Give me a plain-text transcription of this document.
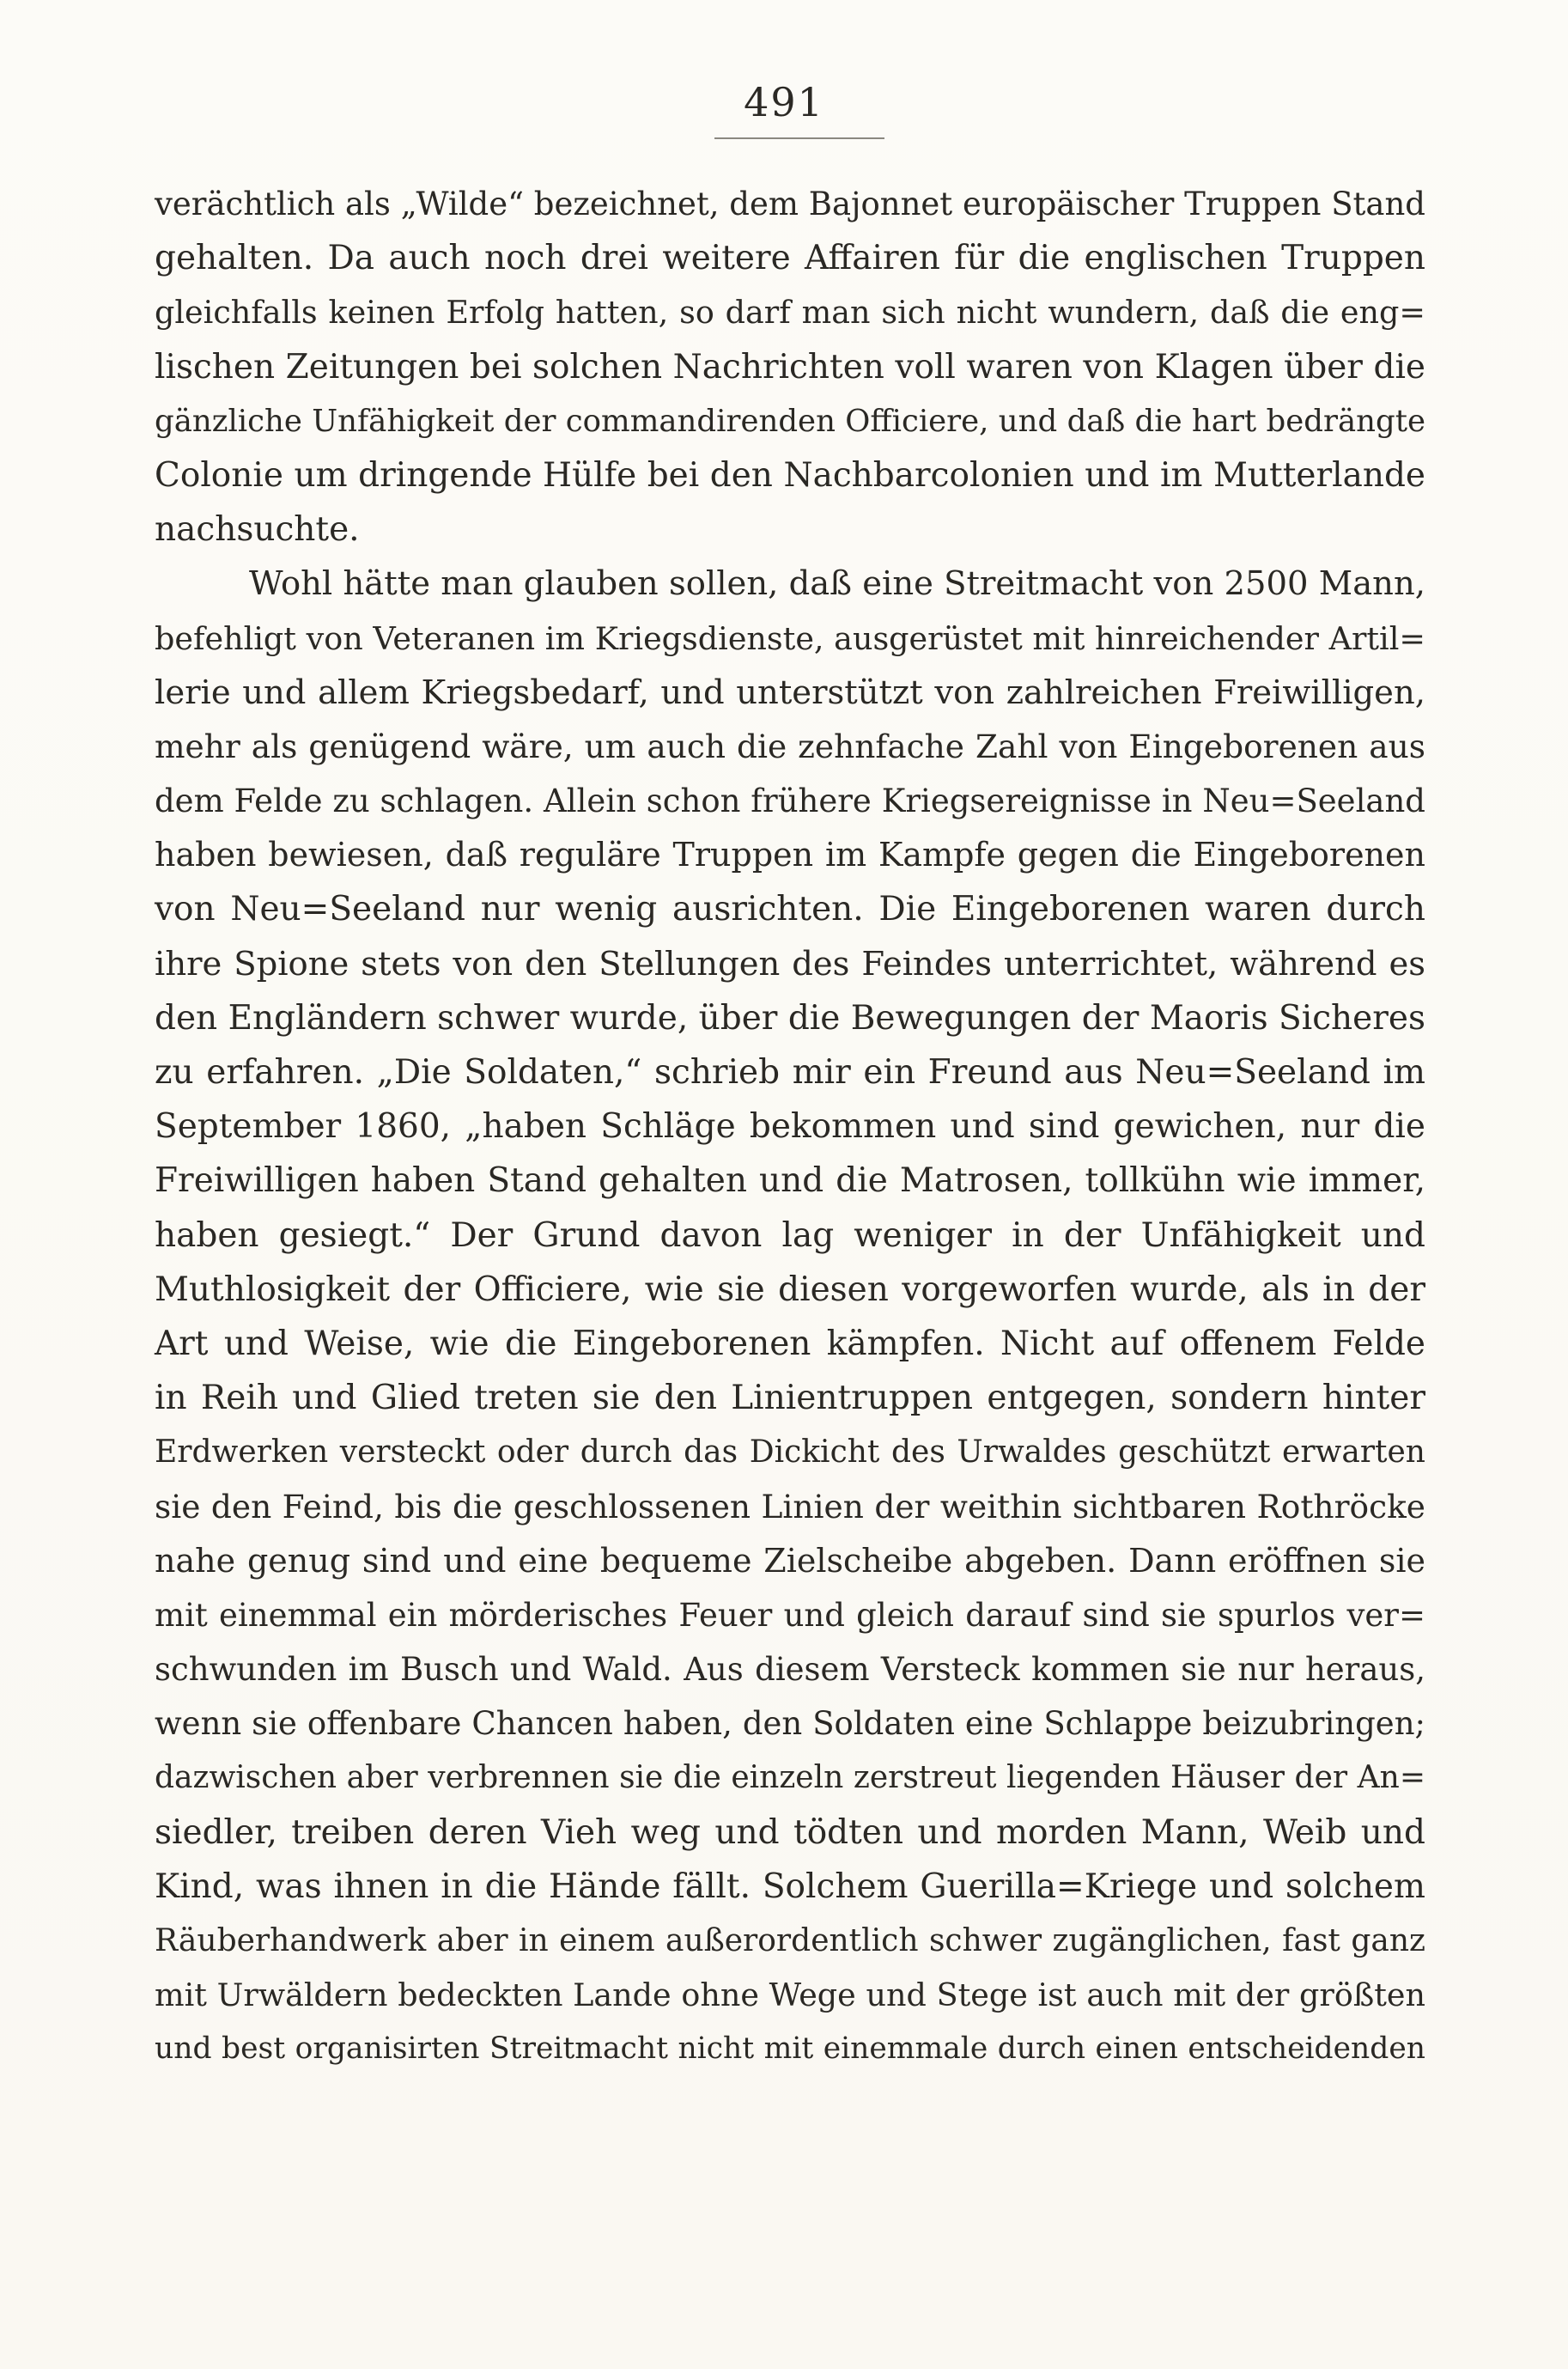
491
verächtlich als „Wilde“ bezeichnet, dem Bajonnet europäischer Truppen Stand
gehalten. Da auch noch drei weitere Affairen für die englischen Truppen
gleichfalls keinen Erfolg hatten, so darf man sich nicht wundern, daß die eng=
lischen Zeitungen bei solchen Nachrichten voll waren von Klagen über die
gänzliche Unfähigkeit der commandirenden Officiere, und daß die hart bedrängte
Colonie um dringende Hülfe bei den Nachbarcolonien und im Mutterlande
nachsuchte.
Wohl hätte man glauben sollen, daß eine Streitmacht von 2500 Mann,
befehligt von Veteranen im Kriegsdienste, ausgerüstet mit hinreichender Artil=
lerie und allem Kriegsbedarf, und unterstützt von zahlreichen Freiwilligen,
mehr als genügend wäre, um auch die zehnfache Zahl von Eingeborenen aus
dem Felde zu schlagen. Allein schon frühere Kriegsereignisse in Neu=Seeland
haben bewiesen, daß reguläre Truppen im Kampfe gegen die Eingeborenen
von Neu=Seeland nur wenig ausrichten. Die Eingeborenen waren durch
ihre Spione stets von den Stellungen des Feindes unterrichtet, während es
den Engländern schwer wurde, über die Bewegungen der Maoris Sicheres
zu erfahren. „Die Soldaten,“ schrieb mir ein Freund aus Neu=Seeland im
September 1860, „haben Schläge bekommen und sind gewichen, nur die
Freiwilligen haben Stand gehalten und die Matrosen, tollkühn wie immer,
haben gesiegt.“ Der Grund davon lag weniger in der Unfähigkeit und
Muthlosigkeit der Officiere, wie sie diesen vorgeworfen wurde, als in der
Art und Weise, wie die Eingeborenen kämpfen. Nicht auf offenem Felde
in Reih und Glied treten sie den Linientruppen entgegen, sondern hinter
Erdwerken versteckt oder durch das Dickicht des Urwaldes geschützt erwarten
sie den Feind, bis die geschlossenen Linien der weithin sichtbaren Rothröcke
nahe genug sind und eine bequeme Zielscheibe abgeben. Dann eröffnen sie
mit einemmal ein mörderisches Feuer und gleich darauf sind sie spurlos ver=
schwunden im Busch und Wald. Aus diesem Versteck kommen sie nur heraus,
wenn sie offenbare Chancen haben, den Soldaten eine Schlappe beizubringen;
dazwischen aber verbrennen sie die einzeln zerstreut liegenden Häuser der An=
siedler, treiben deren Vieh weg und tödten und morden Mann, Weib und
Kind, was ihnen in die Hände fällt. Solchem Guerilla=Kriege und solchem
Räuberhandwerk aber in einem außerordentlich schwer zugänglichen, fast ganz
mit Urwäldern bedeckten Lande ohne Wege und Stege ist auch mit der größten
und best organisirten Streitmacht nicht mit einemmale durch einen entscheidenden
